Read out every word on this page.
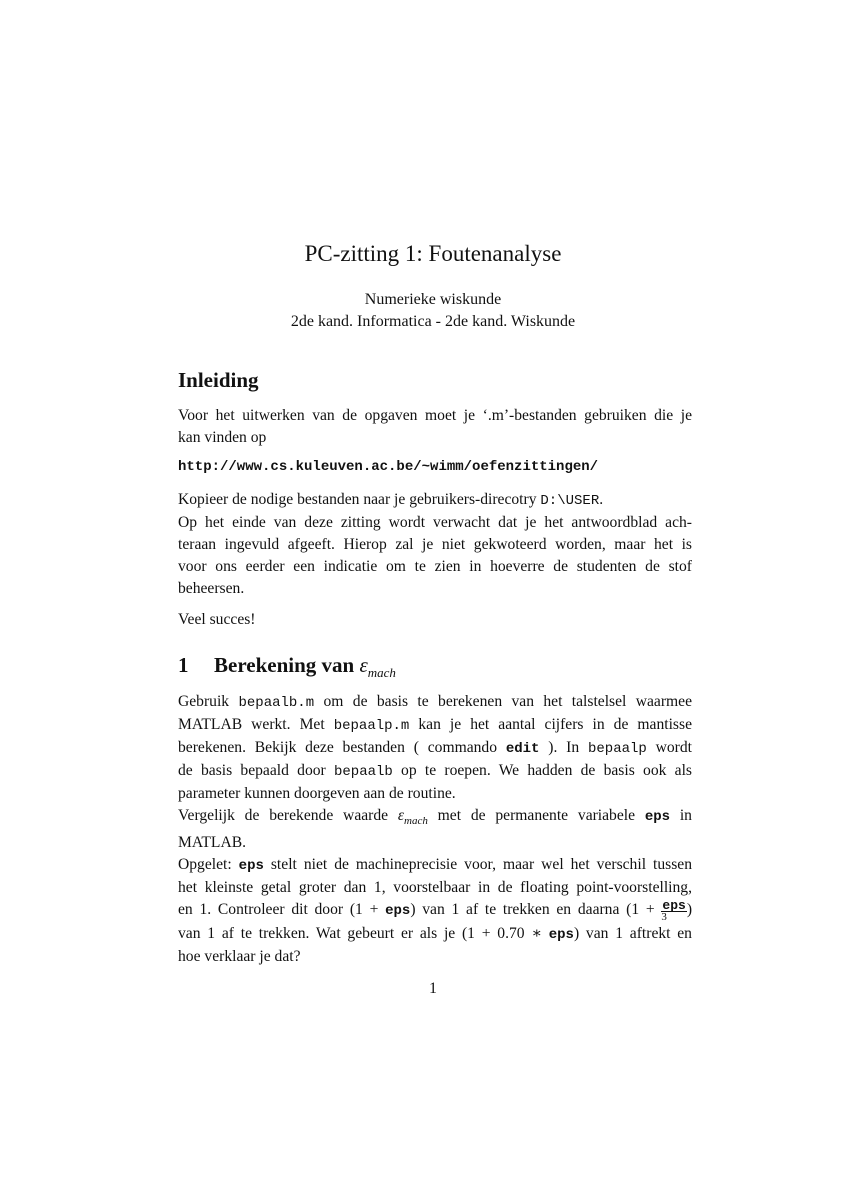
PC-zitting 1: Foutenanalyse
Numerieke wiskunde
2de kand. Informatica - 2de kand. Wiskunde
Inleiding
Voor het uitwerken van de opgaven moet je ‘.m’-bestanden gebruiken die je
kan vinden op
http://www.cs.kuleuven.ac.be/~wimm/oefenzittingen/
Kopieer de nodige bestanden naar je gebruikers-direcotry D:\USER.
Op het einde van deze zitting wordt verwacht dat je het antwoordblad ach-
teraan ingevuld afgeeft. Hierop zal je niet gekwoteerd worden, maar het is
voor ons eerder een indicatie om te zien in hoeverre de studenten de stof
beheersen.
Veel succes!
1 Berekening van $\varepsilon_{mach}$
Gebruik bepaalb.m om de basis te berekenen van het talstelsel waarmee
MATLAB werkt. Met bepaalp.m kan je het aantal cijfers in de mantisse
berekenen. Bekijk deze bestanden ( commando edit ). In bepaalp wordt
de basis bepaald door bepaalb op te roepen. We hadden de basis ook als
parameter kunnen doorgeven aan de routine.
Vergelijk de berekende waarde $\varepsilon_{mach}$ met de permanente variabele eps in
MATLAB.
Opgelet: eps stelt niet de machineprecisie voor, maar wel het verschil tussen
het kleinste getal groter dan 1, voorstelbaar in de floating point-voorstelling,
en 1. Controleer dit door (1 + eps) van 1 af te trekken en daarna ($1 + \frac{\text{eps}}{3}$ )
van 1 af te trekken. Wat gebeurt er als je (1 + 0.70 ∗ eps) van 1 aftrekt en
hoe verklaar je dat?
1
